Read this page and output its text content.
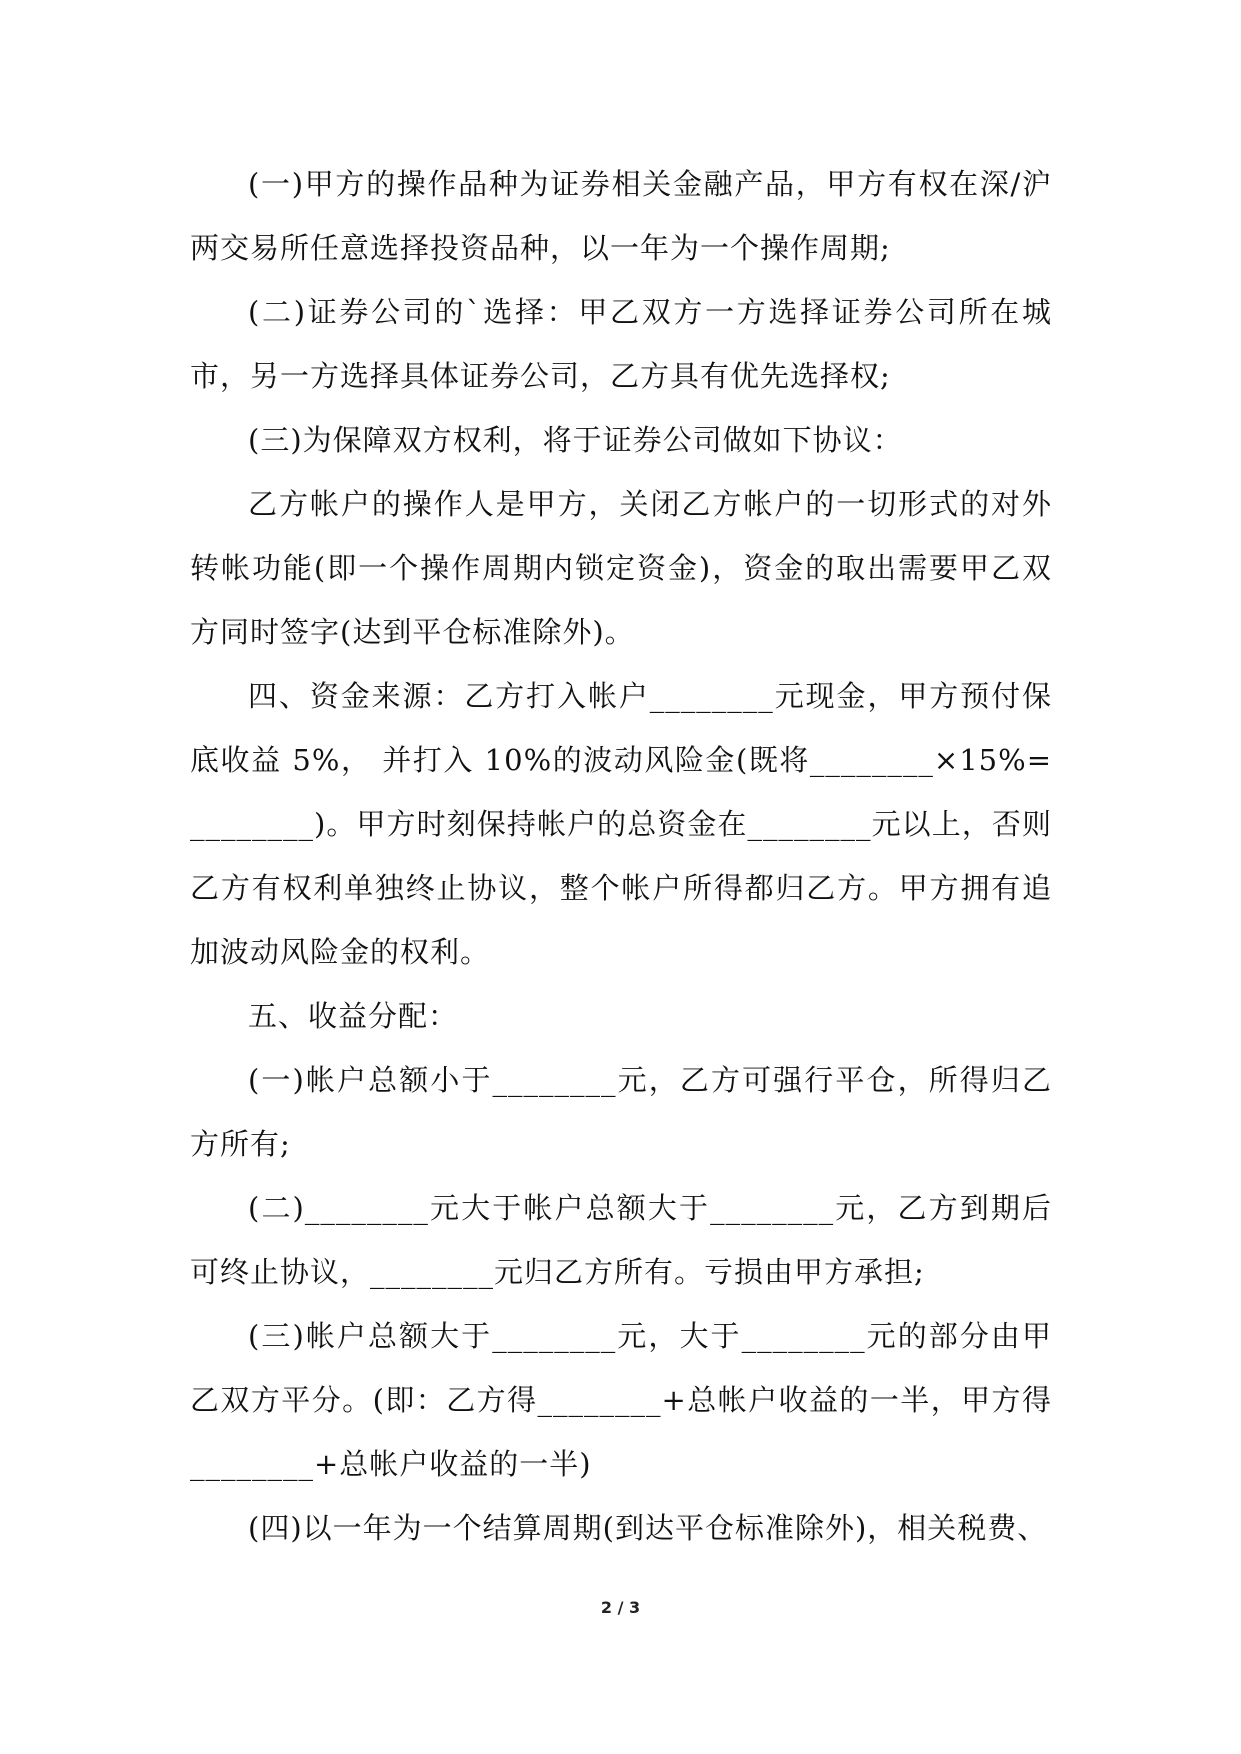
(一)甲方的操作品种为证券相关金融产品，甲方有权在深/沪两交易所任意选择投资品种，以一年为一个操作周期;

(二)证券公司的`选择：甲乙双方一方选择证券公司所在城市，另一方选择具体证券公司，乙方具有优先选择权;

(三)为保障双方权利，将于证券公司做如下协议：

乙方帐户的操作人是甲方，关闭乙方帐户的一切形式的对外转帐功能(即一个操作周期内锁定资金)，资金的取出需要甲乙双方同时签字(达到平仓标准除外)。

四、资金来源：乙方打入帐户________元现金，甲方预付保底收益 5%， 并打入 10%的波动风险金(既将________×15%=________)。甲方时刻保持帐户的总资金在________元以上，否则乙方有权利单独终止协议，整个帐户所得都归乙方。甲方拥有追加波动风险金的权利。

五、收益分配：

(一)帐户总额小于________元，乙方可强行平仓，所得归乙方所有;

(二)________元大于帐户总额大于________元，乙方到期后可终止协议，________元归乙方所有。亏损由甲方承担;

(三)帐户总额大于________元，大于________元的部分由甲乙双方平分。(即：乙方得________+总帐户收益的一半，甲方得________+总帐户收益的一半)

(四)以一年为一个结算周期(到达平仓标准除外)，相关税费、

2 / 3
